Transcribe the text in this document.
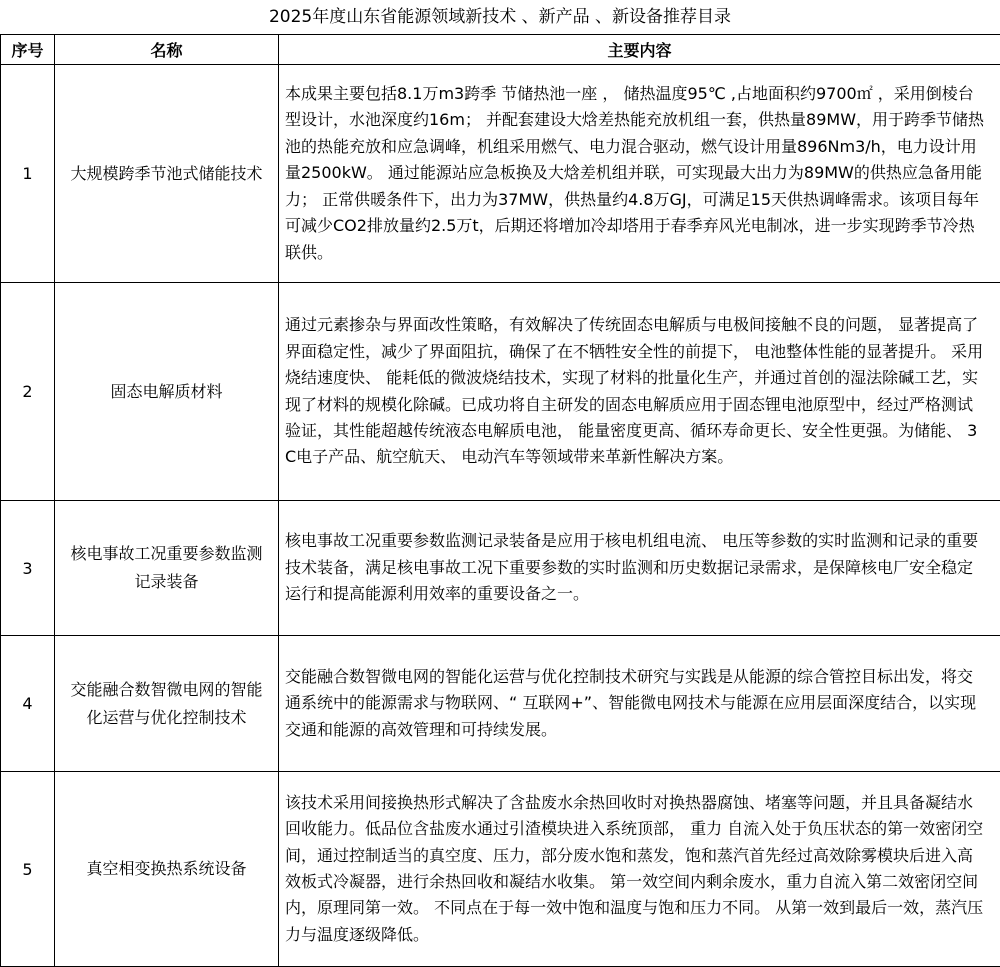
2025年度山东省能源领域新技术 、新产品 、新设备推荐目录
序号	名称	主要内容
1	大规模跨季节池式储能技术	本成果主要包括8.1万m3跨季 节储热池一座 ， 储热温度95℃ ,占地面积约9700㎡ ，采用倒棱台型设计，水池深度约16m； 并配套建设大焓差热能充放机组一套，供热量89MW，用于跨季节储热池的热能充放和应急调峰，机组采用燃气、电力混合驱动，燃气设计用量896Nm3/h，电力设计用量2500kW。 通过能源站应急板换及大焓差机组并联，可实现最大出力为89MW的供热应急备用能力； 正常供暖条件下，出力为37MW，供热量约4.8万GJ，可满足15天供热调峰需求。该项目每年可减少CO2排放量约2.5万t，后期还将增加冷却塔用于春季弃风光电制冰，进一步实现跨季节冷热联供。
2	固态电解质材料	通过元素掺杂与界面改性策略，有效解决了传统固态电解质与电极间接触不良的问题， 显著提高了界面稳定性，减少了界面阻抗，确保了在不牺牲安全性的前提下， 电池整体性能的显著提升。 采用烧结速度快、 能耗低的微波烧结技术，实现了材料的批量化生产，并通过首创的湿法除碱工艺，实现了材料的规模化除碱。已成功将自主研发的固态电解质应用于固态锂电池原型中，经过严格测试验证，其性能超越传统液态电解质电池， 能量密度更高、循环寿命更长、安全性更强。为储能、 3C电子产品、航空航天、 电动汽车等领域带来革新性解决方案。
3	核电事故工况重要参数监测记录装备	核电事故工况重要参数监测记录装备是应用于核电机组电流、 电压等参数的实时监测和记录的重要技术装备，满足核电事故工况下重要参数的实时监测和历史数据记录需求，是保障核电厂安全稳定运行和提高能源利用效率的重要设备之一。
4	交能融合数智微电网的智能化运营与优化控制技术	交能融合数智微电网的智能化运营与优化控制技术研究与实践是从能源的综合管控目标出发，将交通系统中的能源需求与物联网、“ 互联网+”、智能微电网技术与能源在应用层面深度结合，以实现交通和能源的高效管理和可持续发展。
5	真空相变换热系统设备	该技术采用间接换热形式解决了含盐废水余热回收时对换热器腐蚀、堵塞等问题，并且具备凝结水回收能力。低品位含盐废水通过引渣模块进入系统顶部， 重力 自流入处于负压状态的第一效密闭空间，通过控制适当的真空度、压力，部分废水饱和蒸发，饱和蒸汽首先经过高效除雾模块后进入高效板式冷凝器，进行余热回收和凝结水收集。 第一效空间内剩余废水，重力自流入第二效密闭空间内，原理同第一效。 不同点在于每一效中饱和温度与饱和压力不同。 从第一效到最后一效，蒸汽压力与温度逐级降低。
